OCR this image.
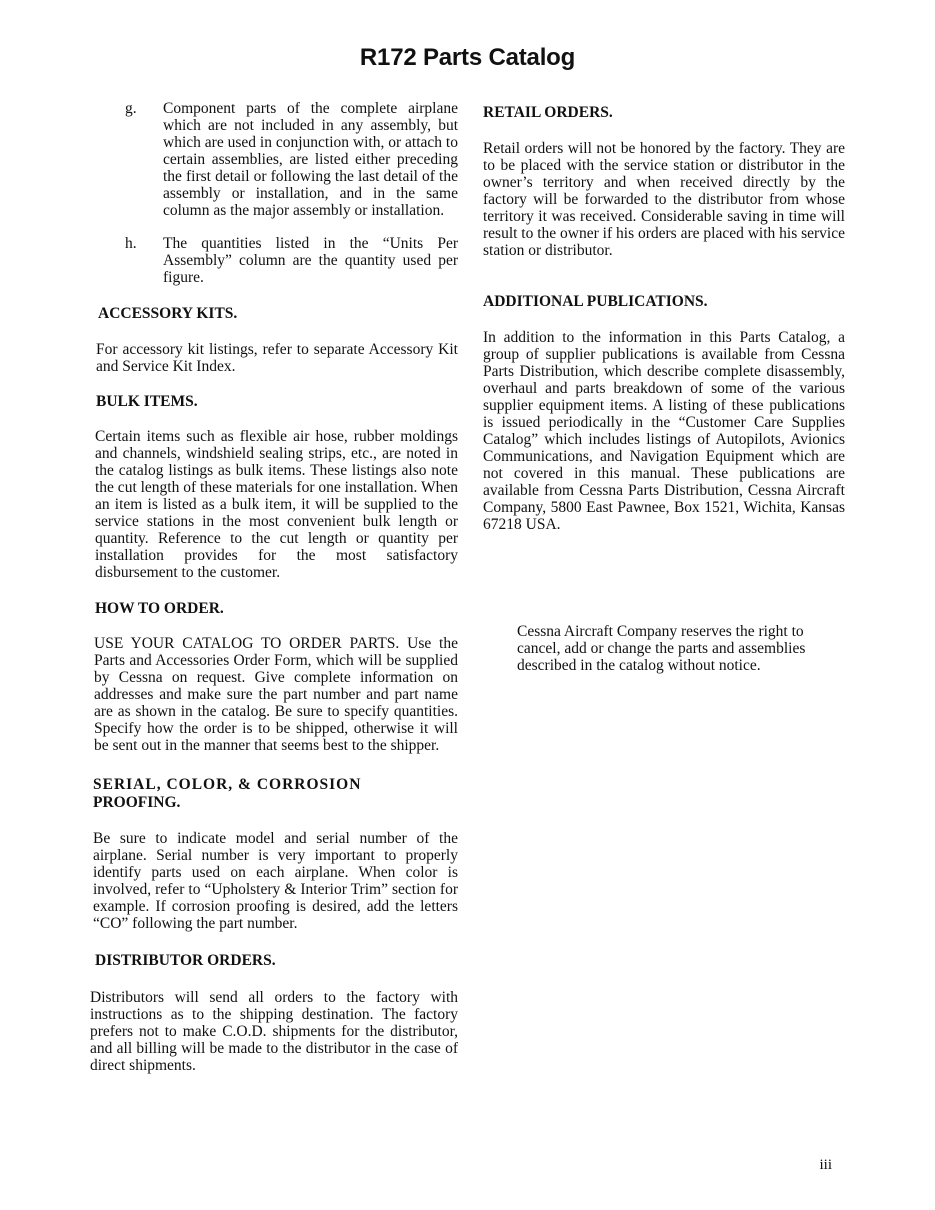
R172 Parts Catalog
g.	Component parts of the complete airplane which are not included in any assembly, but which are used in conjunction with, or attach to certain assemblies, are listed either preceding the first detail or following the last detail of the assembly or installation, and in the same column as the major assembly or installation.
h.	The quantities listed in the “Units Per Assembly” column are the quantity used per figure.
ACCESSORY KITS.
For accessory kit listings, refer to separate Accessory Kit and Service Kit Index.
BULK ITEMS.
Certain items such as flexible air hose, rubber moldings and channels, windshield sealing strips, etc., are noted in the catalog listings as bulk items. These listings also note the cut length of these materials for one installation. When an item is listed as a bulk item, it will be supplied to the service stations in the most convenient bulk length or quantity. Reference to the cut length or quantity per installation provides for the most satisfactory disbursement to the customer.
HOW TO ORDER.
USE YOUR CATALOG TO ORDER PARTS. Use the Parts and Accessories Order Form, which will be supplied by Cessna on request. Give complete information on addresses and make sure the part number and part name are as shown in the catalog. Be sure to specify quantities. Specify how the order is to be shipped, otherwise it will be sent out in the manner that seems best to the shipper.
SERIAL, COLOR, & CORROSION
PROOFING.
Be sure to indicate model and serial number of the airplane. Serial number is very important to properly identify parts used on each airplane. When color is involved, refer to “Upholstery & Interior Trim” section for example. If corrosion proofing is desired, add the letters “CO” following the part number.
DISTRIBUTOR ORDERS.
Distributors will send all orders to the factory with instructions as to the shipping destination. The factory prefers not to make C.O.D. shipments for the distributor, and all billing will be made to the distributor in the case of direct shipments.
RETAIL ORDERS.
Retail orders will not be honored by the factory. They are to be placed with the service station or distributor in the owner’s territory and when received directly by the factory will be forwarded to the distributor from whose territory it was received. Considerable saving in time will result to the owner if his orders are placed with his service station or distributor.
ADDITIONAL PUBLICATIONS.
In addition to the information in this Parts Catalog, a group of supplier publications is available from Cessna Parts Distribution, which describe complete disassembly, overhaul and parts breakdown of some of the various supplier equipment items. A listing of these publications is issued periodically in the “Customer Care Supplies Catalog” which includes listings of Autopilots, Avionics Communications, and Navigation Equipment which are not covered in this manual. These publications are available from Cessna Parts Distribution, Cessna Aircraft Company, 5800 East Pawnee, Box 1521, Wichita, Kansas 67218 USA.
Cessna Aircraft Company reserves the right to cancel, add or change the parts and assemblies described in the catalog without notice.
iii
